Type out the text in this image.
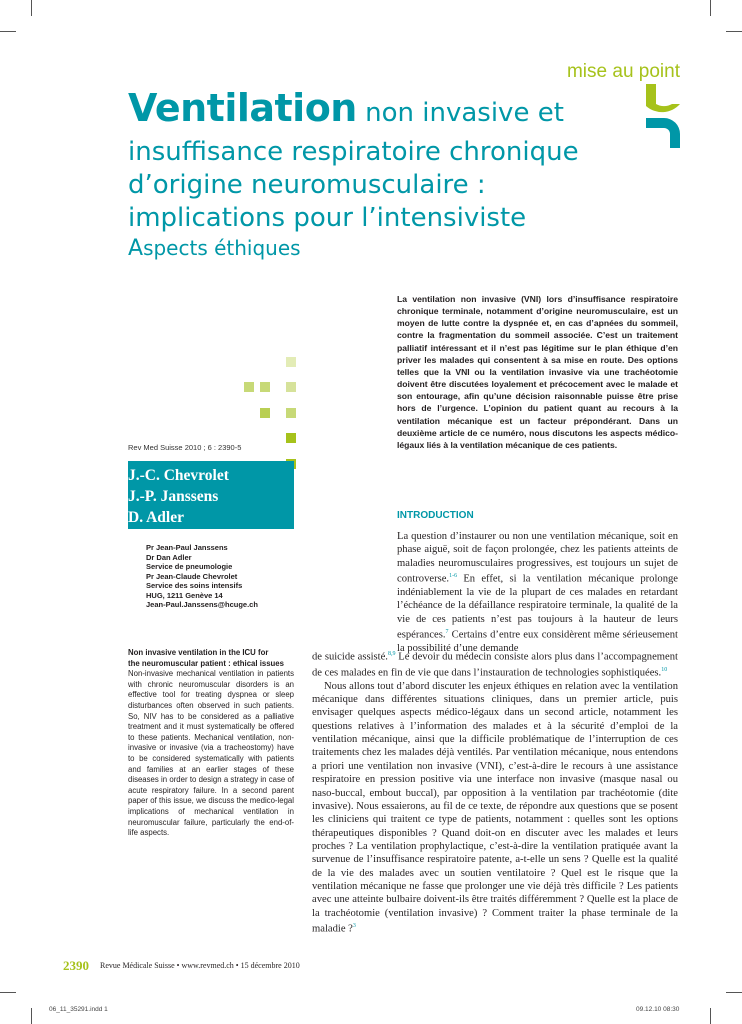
mise au point
Ventilation non invasive et
insuffisance respiratoire chronique
d’origine neuromusculaire :
implications pour l’intensiviste
Aspects éthiques
Rev Med Suisse 2010 ; 6 : 2390-5
J.-C. Chevrolet
J.-P. Janssens
D. Adler
Pr Jean-Paul Janssens
Dr Dan Adler
Service de pneumologie
Pr Jean-Claude Chevrolet
Service des soins intensifs
HUG, 1211 Genève 14
Jean-Paul.Janssens@hcuge.ch
Non invasive ventilation in the ICU for
the neuromuscular patient : ethical issues
Non-invasive mechanical ventilation in patients with chronic neuromuscular disorders is an effective tool for treating dyspnea or sleep disturbances often observed in such patients. So, NIV has to be considered as a palliative treatment and it must systematically be offered to these patients. Mechanical ventilation, non-invasive or invasive (via a tracheostomy) have to be considered systematically with patients and families at an earlier stages of these diseases in order to design a strategy in case of acute respiratory failure. In a second parent paper of this issue, we discuss the medico-legal implications of mechanical ventilation in neuromuscular failure, particularly the end-of-life aspects.
La ventilation non invasive (VNI) lors d’insuffisance respiratoire chronique terminale, notamment d’origine neuromusculaire, est un moyen de lutte contre la dyspnée et, en cas d’apnées du sommeil, contre la fragmentation du sommeil associée. C’est un traitement palliatif intéressant et il n’est pas légitime sur le plan éthique d’en priver les malades qui consentent à sa mise en route. Des options telles que la VNI ou la ventilation invasive via une trachéotomie doivent être discutées loyalement et précocement avec le malade et son entourage, afin qu’une décision raisonnable puisse être prise hors de l’urgence. L’opinion du patient quant au recours à la ventilation mécanique est un facteur prépondérant. Dans un deuxième article de ce numéro, nous discutons les aspects médico-légaux liés à la ventilation mécanique de ces patients.
INTRODUCTION

La question d’instaurer ou non une ventilation mécanique, soit en phase aiguë, soit de façon prolongée, chez les patients atteints de maladies neuromusculaires progressives, est toujours un sujet de controverse.$^{1-6}$ En effet, si la ventilation mécanique prolonge indéniablement la vie de la plupart de ces malades en retardant l’échéance de la défaillance respiratoire terminale, la qualité de la vie de ces patients n’est pas toujours à la hauteur de leurs espérances.$^7$ Certains d’entre eux considèrent même sérieusement la possibilité d’une demande

de suicide assisté.$^{8,9}$ Le devoir du médecin consiste alors plus dans l’accompagnement de ces malades en fin de vie que dans l’instauration de technologies sophistiquées.$^{10}$

Nous allons tout d’abord discuter les enjeux éthiques en relation avec la ventilation mécanique dans différentes situations cliniques, dans un premier article, puis envisager quelques aspects médico-légaux dans un second article, notamment les questions relatives à l’information des malades et à la sécurité d’emploi de la ventilation mécanique, ainsi que la difficile problématique de l’interruption de ces traitements chez les malades déjà ventilés. Par ventilation mécanique, nous entendons a priori une ventilation non invasive (VNI), c’est-à-dire le recours à une assistance respiratoire en pression positive via une interface non invasive (masque nasal ou naso-buccal, embout buccal), par opposition à la ventilation par trachéotomie (dite invasive). Nous essaierons, au fil de ce texte, de répondre aux questions que se posent les cliniciens qui traitent ce type de patients, notamment : quelles sont les options thérapeutiques disponibles ? Quand doit-on en discuter avec les malades et leurs proches ? La ventilation prophylactique, c’est-à-dire la ventilation pratiquée avant la survenue de l’insuffisance respiratoire patente, a-t-elle un sens ? Quelle est la qualité de la vie des malades avec un soutien ventilatoire ? Quel est le risque que la ventilation mécanique ne fasse que prolonger une vie déjà très difficile ? Les patients avec une atteinte bulbaire doivent-ils être traités différemment ? Quelle est la place de la trachéotomie (ventilation invasive) ? Comment traiter la phase terminale de la maladie ?$^3$

2390 Revue Médicale Suisse • www.revmed.ch • 15 décembre 2010
06_11_35291.indd 1	09.12.10 08:30
